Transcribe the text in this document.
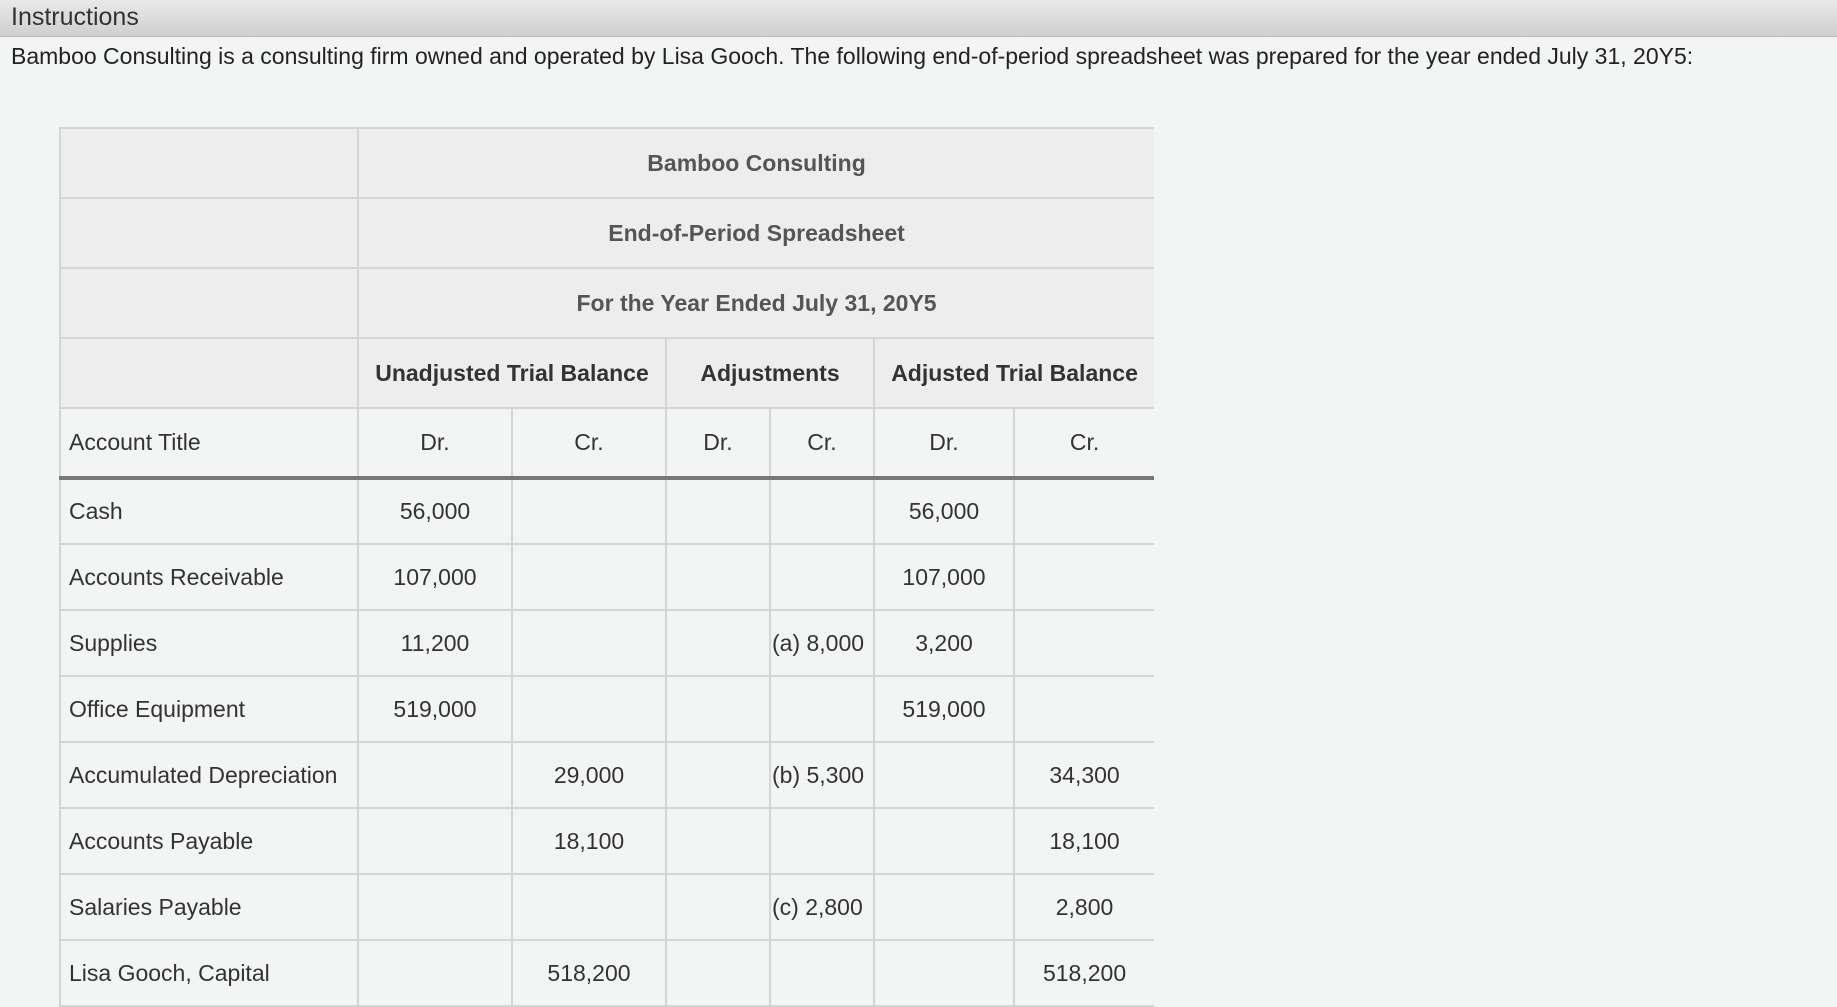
Instructions
Bamboo Consulting is a consulting firm owned and operated by Lisa Gooch. The following end-of-period spreadsheet was prepared for the year ended July 31, 20Y5:
	Bamboo Consulting					
	End-of-Period Spreadsheet					
	For the Year Ended July 31, 20Y5					
	Unadjusted Trial Balance		Adjustments		Adjusted Trial Balance	
Account Title	Dr.	Cr.	Dr.	Cr.	Dr.	Cr.
Cash	56,000				56,000	
Accounts Receivable	107,000				107,000	
Supplies	11,200			(a) 8,000	3,200	
Office Equipment	519,000				519,000	
Accumulated Depreciation		29,000		(b) 5,300		34,300
Accounts Payable		18,100				18,100
Salaries Payable				(c) 2,800		2,800
Lisa Gooch, Capital		518,200				518,200
